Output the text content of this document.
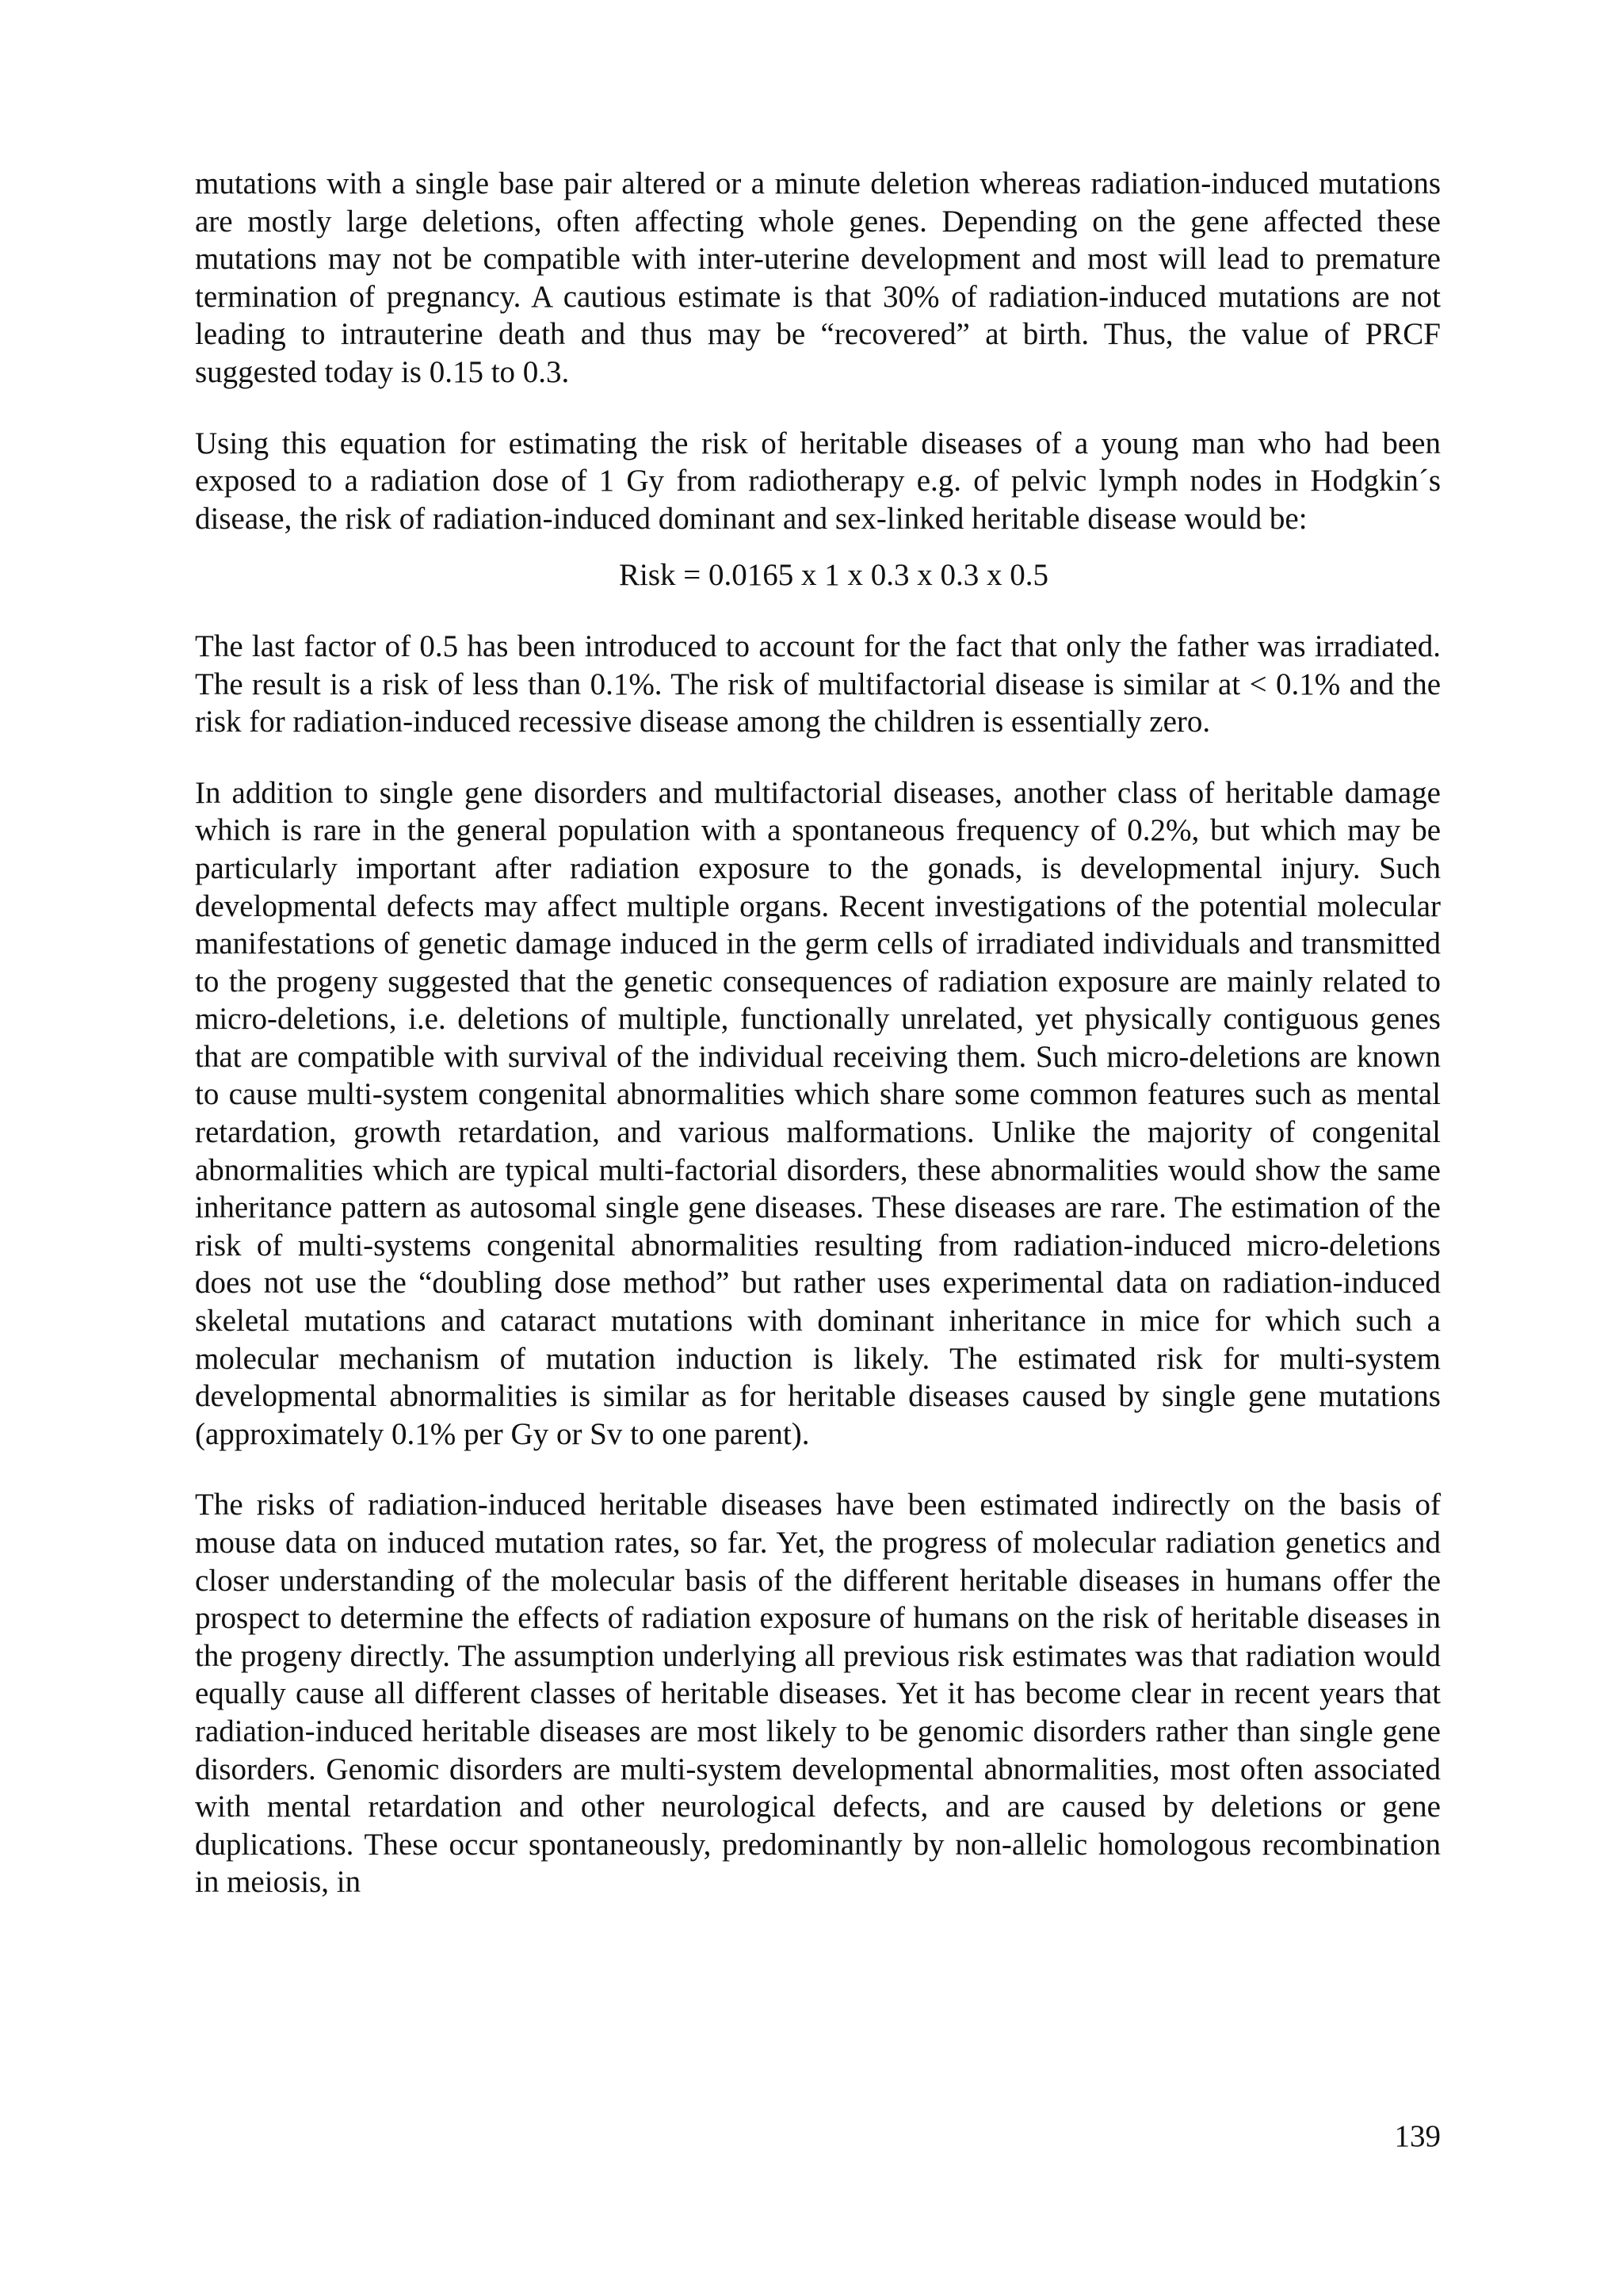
mutations with a single base pair altered or a minute deletion whereas radiation-induced mutations are mostly large deletions, often affecting whole genes. Depending on the gene affected these mutations may not be compatible with inter-uterine development and most will lead to premature termination of pregnancy. A cautious estimate is that 30% of radiation-induced mutations are not leading to intrauterine death and thus may be “recovered” at birth. Thus, the value of PRCF suggested today is 0.15 to 0.3.

Using this equation for estimating the risk of heritable diseases of a young man who had been exposed to a radiation dose of 1 Gy from radiotherapy e.g. of pelvic lymph nodes in Hodgkin´s disease, the risk of radiation-induced dominant and sex-linked heritable disease would be:

Risk = 0.0165 x 1 x 0.3 x 0.3 x 0.5

The last factor of 0.5 has been introduced to account for the fact that only the father was irradiated. The result is a risk of less than 0.1%. The risk of multifactorial disease is similar at < 0.1% and the risk for radiation-induced recessive disease among the children is essentially zero.

In addition to single gene disorders and multifactorial diseases, another class of heritable damage which is rare in the general population with a spontaneous frequency of 0.2%, but which may be particularly important after radiation exposure to the gonads, is developmental injury. Such developmental defects may affect multiple organs. Recent investigations of the potential molecular manifestations of genetic damage induced in the germ cells of irradiated individuals and transmitted to the progeny suggested that the genetic consequences of radiation exposure are mainly related to micro-deletions, i.e. deletions of multiple, functionally unrelated, yet physically contiguous genes that are compatible with survival of the individual receiving them. Such micro-deletions are known to cause multi-system congenital abnormalities which share some common features such as mental retardation, growth retardation, and various malformations. Unlike the majority of congenital abnormalities which are typical multi-factorial disorders, these abnormalities would show the same inheritance pattern as autosomal single gene diseases. These diseases are rare. The estimation of the risk of multi-systems congenital abnormalities resulting from radiation-induced micro-deletions does not use the “doubling dose method” but rather uses experimental data on radiation-induced skeletal mutations and cataract mutations with dominant inheritance in mice for which such a molecular mechanism of mutation induction is likely. The estimated risk for multi-system developmental abnormalities is similar as for heritable diseases caused by single gene mutations (approximately 0.1% per Gy or Sv to one parent).

The risks of radiation-induced heritable diseases have been estimated indirectly on the basis of mouse data on induced mutation rates, so far. Yet, the progress of molecular radiation genetics and closer understanding of the molecular basis of the different heritable diseases in humans offer the prospect to determine the effects of radiation exposure of humans on the risk of heritable diseases in the progeny directly. The assumption underlying all previous risk estimates was that radiation would equally cause all different classes of heritable diseases. Yet it has become clear in recent years that radiation-induced heritable diseases are most likely to be genomic disorders rather than single gene disorders. Genomic disorders are multi-system developmental abnormalities, most often associated with mental retardation and other neurological defects, and are caused by deletions or gene duplications. These occur spontaneously, predominantly by non-allelic homologous recombination in meiosis, in

139
